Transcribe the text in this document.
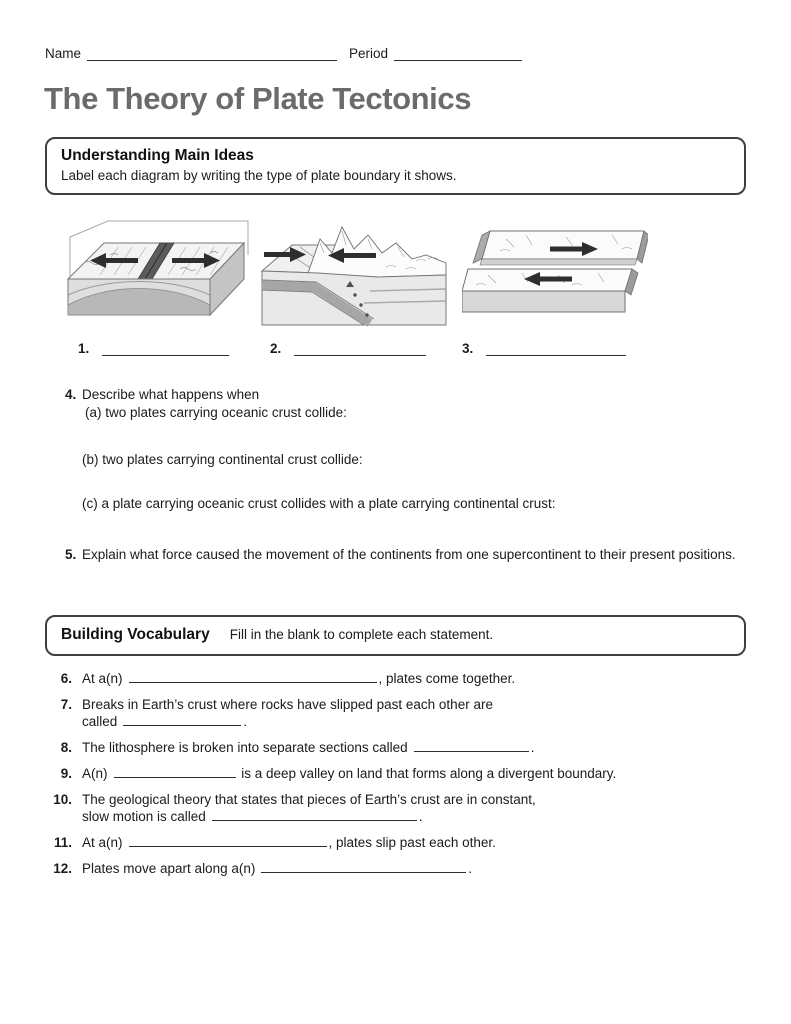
Name	Period
The Theory of Plate Tectonics
Understanding Main Ideas
Label each diagram by writing the type of plate boundary it shows.
1.	2.	3.
4. Describe what happens when
(a) two plates carrying oceanic crust collide:
(b) two plates carrying continental crust collide:
(c) a plate carrying oceanic crust collides with a plate carrying continental crust:
5. Explain what force caused the movement of the continents from one supercontinent to their present positions.
Building Vocabulary Fill in the blank to complete each statement.
6. At a(n)	, plates come together.
7. Breaks in Earth’s crust where rocks have slipped past each other are
called	.
8. The lithosphere is broken into separate sections called	.
9. A(n)	is a deep valley on land that forms along a divergent boundary.
10. The geological theory that states that pieces of Earth’s crust are in constant,
slow motion is called	.
11. At a(n)	, plates slip past each other.
12. Plates move apart along a(n)	.
